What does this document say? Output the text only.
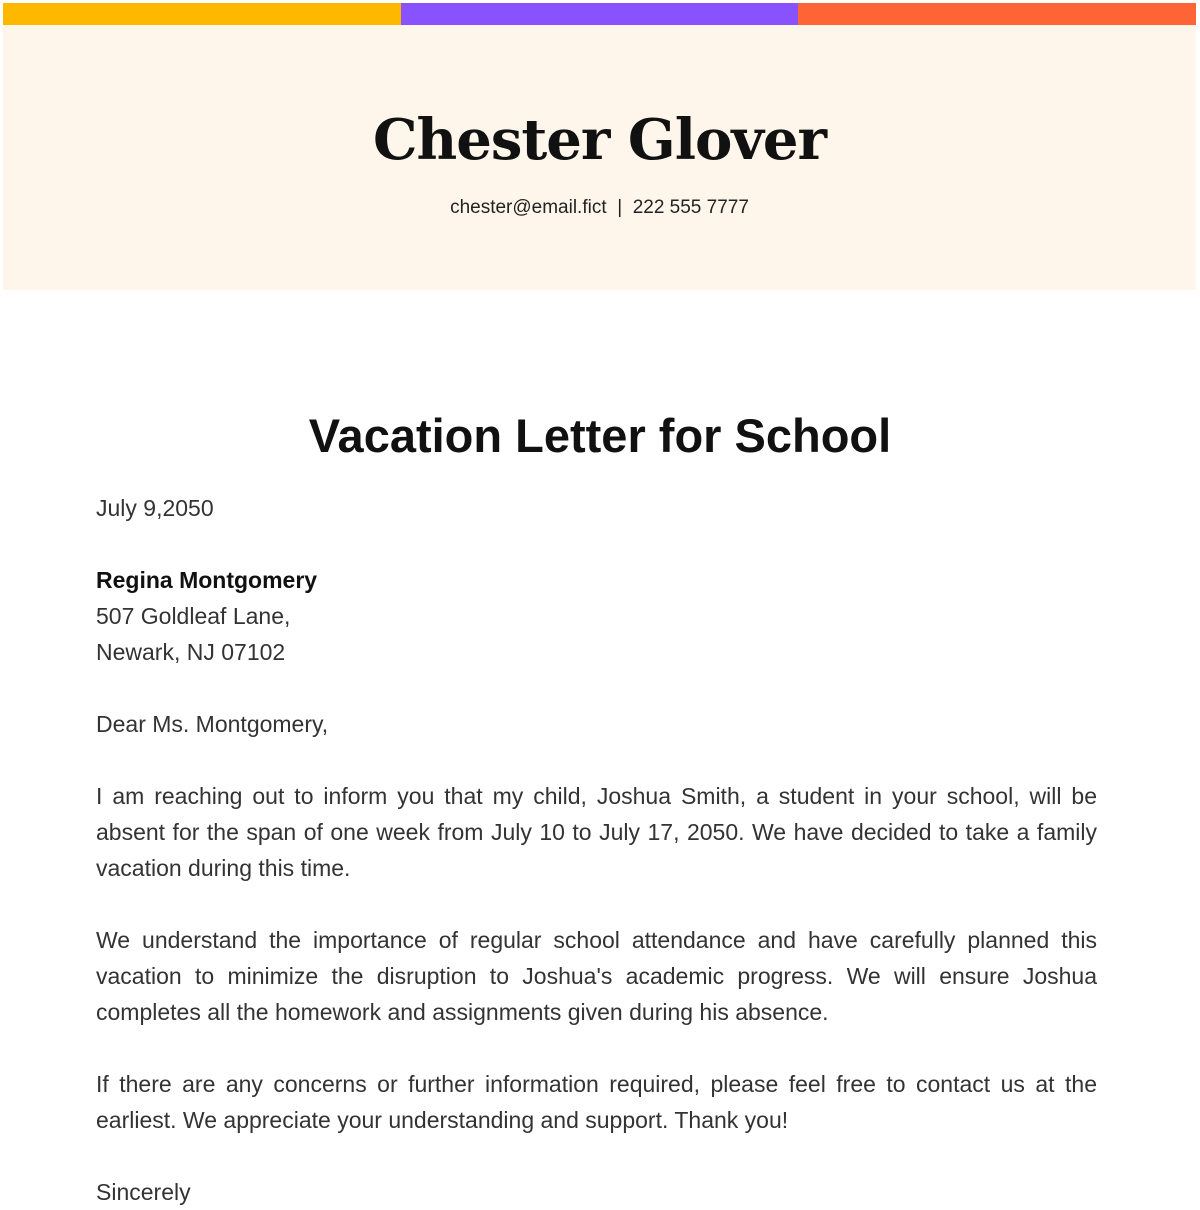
Chester Glover
chester@email.fict | 222 555 7777
Vacation Letter for School

July 9,2050

Regina Montgomery

507 Goldleaf Lane,

Newark, NJ 07102

Dear Ms. Montgomery,

I am reaching out to inform you that my child, Joshua Smith, a student in your school, will be absent for the span of one week from July 10 to July 17, 2050. We have decided to take a family vacation during this time.

We understand the importance of regular school attendance and have carefully planned this vacation to minimize the disruption to Joshua's academic progress. We will ensure Joshua completes all the homework and assignments given during his absence.

If there are any concerns or further information required, please feel free to contact us at the earliest. We appreciate your understanding and support. Thank you!

Sincerely
